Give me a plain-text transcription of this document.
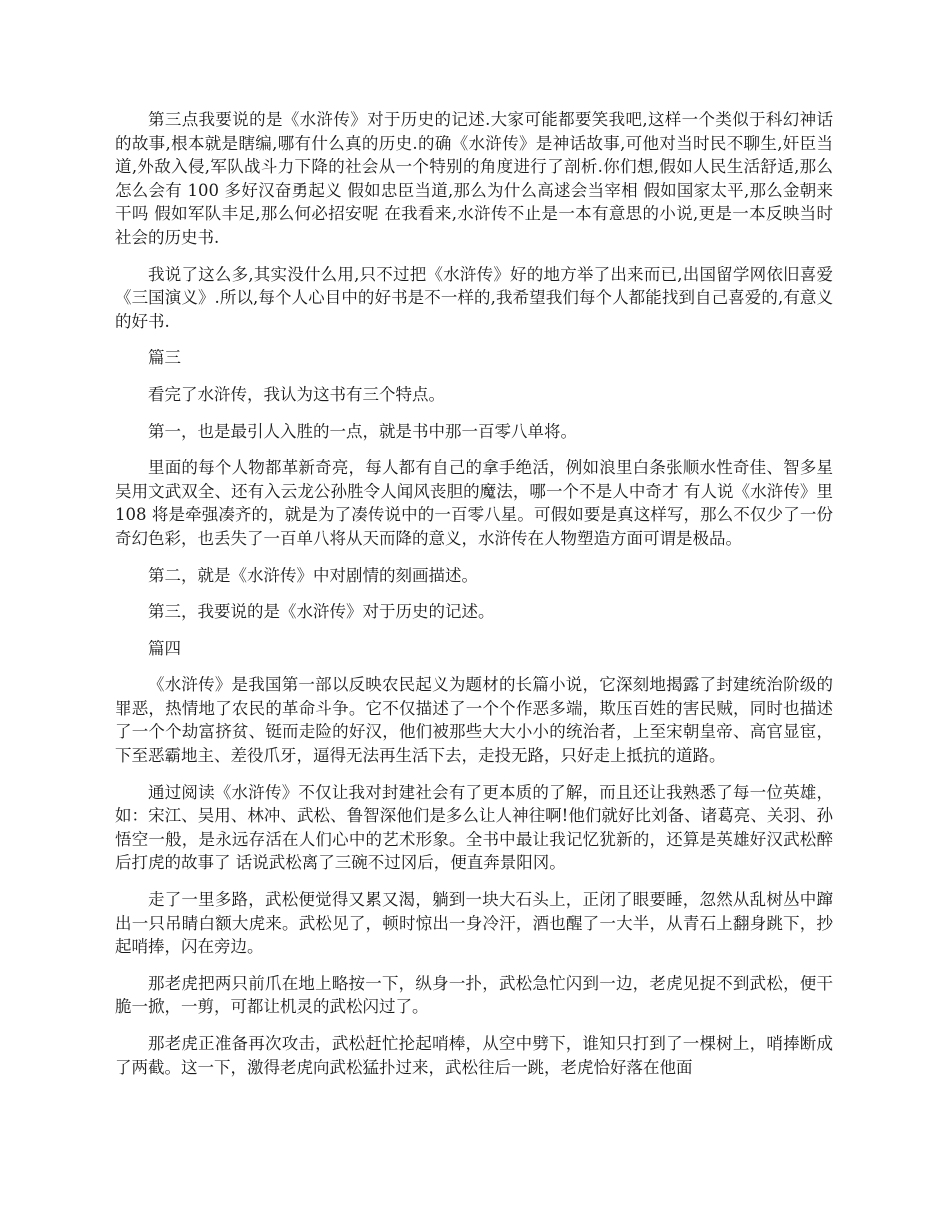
第三点我要说的是《水浒传》对于历史的记述.大家可能都要笑我吧,这样一个类似于科幻神话的故事,根本就是瞎编,哪有什么真的历史.的确《水浒传》是神话故事,可他对当时民不聊生,奸臣当道,外敌入侵,军队战斗力下降的社会从一个特别的角度进行了剖析.你们想,假如人民生活舒适,那么怎么会有 100 多好汉奋勇起义 假如忠臣当道,那么为什么高逑会当宰相 假如国家太平,那么金朝来干吗 假如军队丰足,那么何必招安呢 在我看来,水浒传不止是一本有意思的小说,更是一本反映当时社会的历史书.

我说了这么多,其实没什么用,只不过把《水浒传》好的地方举了出来而已,出国留学网依旧喜爱《三国演义》.所以,每个人心目中的好书是不一样的,我希望我们每个人都能找到自己喜爱的,有意义的好书.

篇三

看完了水浒传，我认为这书有三个特点。

第一，也是最引人入胜的一点，就是书中那一百零八单将。

里面的每个人物都革新奇亮，每人都有自己的拿手绝活，例如浪里白条张顺水性奇佳、智多星吴用文武双全、还有入云龙公孙胜令人闻风丧胆的魔法，哪一个不是人中奇才 有人说《水浒传》里 108 将是牵强凑齐的，就是为了凑传说中的一百零八星。可假如要是真这样写，那么不仅少了一份奇幻色彩，也丢失了一百单八将从天而降的意义，水浒传在人物塑造方面可谓是极品。

第二，就是《水浒传》中对剧情的刻画描述。

第三，我要说的是《水浒传》对于历史的记述。

篇四

《水浒传》是我国第一部以反映农民起义为题材的长篇小说，它深刻地揭露了封建统治阶级的罪恶，热情地了农民的革命斗争。它不仅描述了一个个作恶多端，欺压百姓的害民贼，同时也描述了一个个劫富挤贫、铤而走险的好汉，他们被那些大大小小的统治者，上至宋朝皇帝、高官显宦，下至恶霸地主、差役爪牙，逼得无法再生活下去，走投无路，只好走上抵抗的道路。

通过阅读《水浒传》不仅让我对封建社会有了更本质的了解，而且还让我熟悉了每一位英雄，如：宋江、吴用、林冲、武松、鲁智深他们是多么让人神往啊!他们就好比刘备、诸葛亮、关羽、孙悟空一般，是永远存活在人们心中的艺术形象。全书中最让我记忆犹新的，还算是英雄好汉武松醉后打虎的故事了 话说武松离了三碗不过冈后，便直奔景阳冈。

走了一里多路，武松便觉得又累又渴，躺到一块大石头上，正闭了眼要睡，忽然从乱树丛中蹿出一只吊睛白额大虎来。武松见了，顿时惊出一身冷汗，酒也醒了一大半，从青石上翻身跳下，抄起哨捧，闪在旁边。

那老虎把两只前爪在地上略按一下，纵身一扑，武松急忙闪到一边，老虎见捉不到武松，便干脆一掀，一剪，可都让机灵的武松闪过了。

那老虎正准备再次攻击，武松赶忙抡起哨棒，从空中劈下，谁知只打到了一棵树上，哨捧断成了两截。这一下，激得老虎向武松猛扑过来，武松往后一跳，老虎恰好落在他面
